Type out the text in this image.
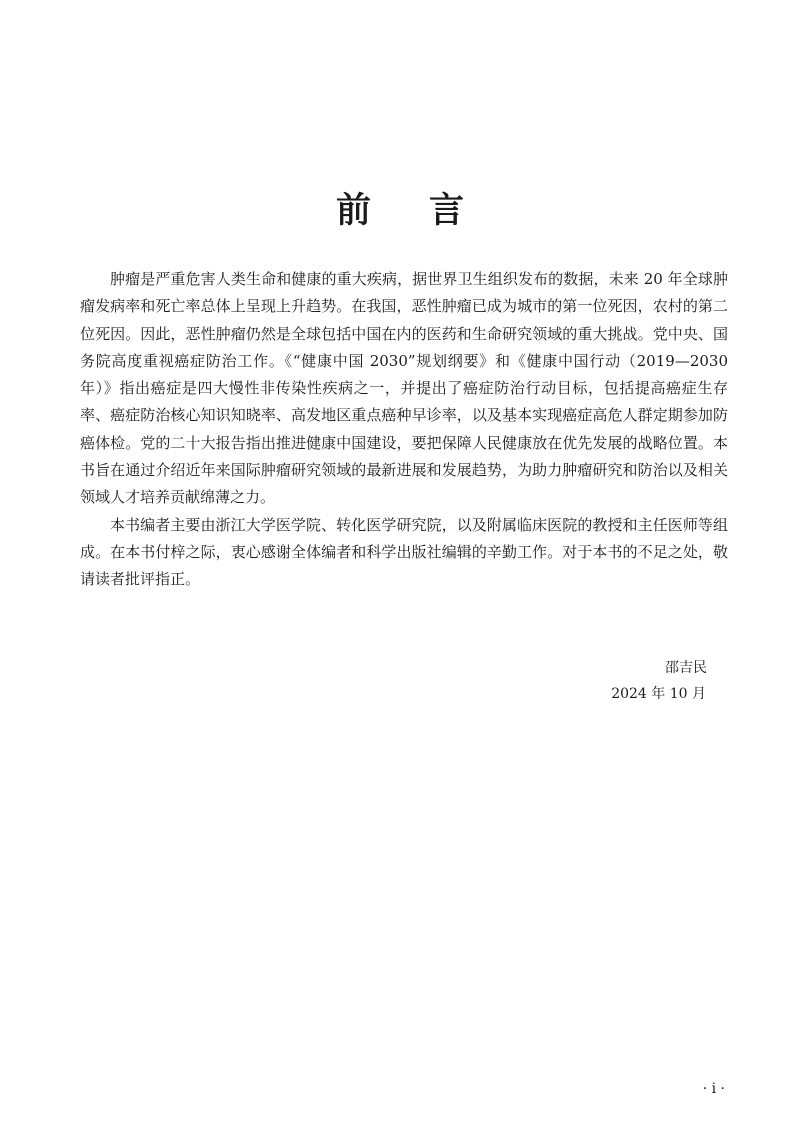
前言

肿瘤是严重危害人类生命和健康的重大疾病，据世界卫生组织发布的数据，未来 20 年全球肿瘤发病率和死亡率总体上呈现上升趋势。在我国，恶性肿瘤已成为城市的第一位死因，农村的第二位死因。因此，恶性肿瘤仍然是全球包括中国在内的医药和生命研究领域的重大挑战。党中央、国务院高度重视癌症防治工作。《“健康中国 2030”规划纲要》和《健康中国行动（2019—2030 年）》指出癌症是四大慢性非传染性疾病之一，并提出了癌症防治行动目标，包括提高癌症生存率、癌症防治核心知识知晓率、高发地区重点癌种早诊率，以及基本实现癌症高危人群定期参加防癌体检。党的二十大报告指出推进健康中国建设，要把保障人民健康放在优先发展的战略位置。本书旨在通过介绍近年来国际肿瘤研究领域的最新进展和发展趋势，为助力肿瘤研究和防治以及相关领域人才培养贡献绵薄之力。

本书编者主要由浙江大学医学院、转化医学研究院，以及附属临床医院的教授和主任医师等组成。在本书付梓之际，衷心感谢全体编者和科学出版社编辑的辛勤工作。对于本书的不足之处，敬请读者批评指正。

邵吉民
2024 年 10 月
· i ·
